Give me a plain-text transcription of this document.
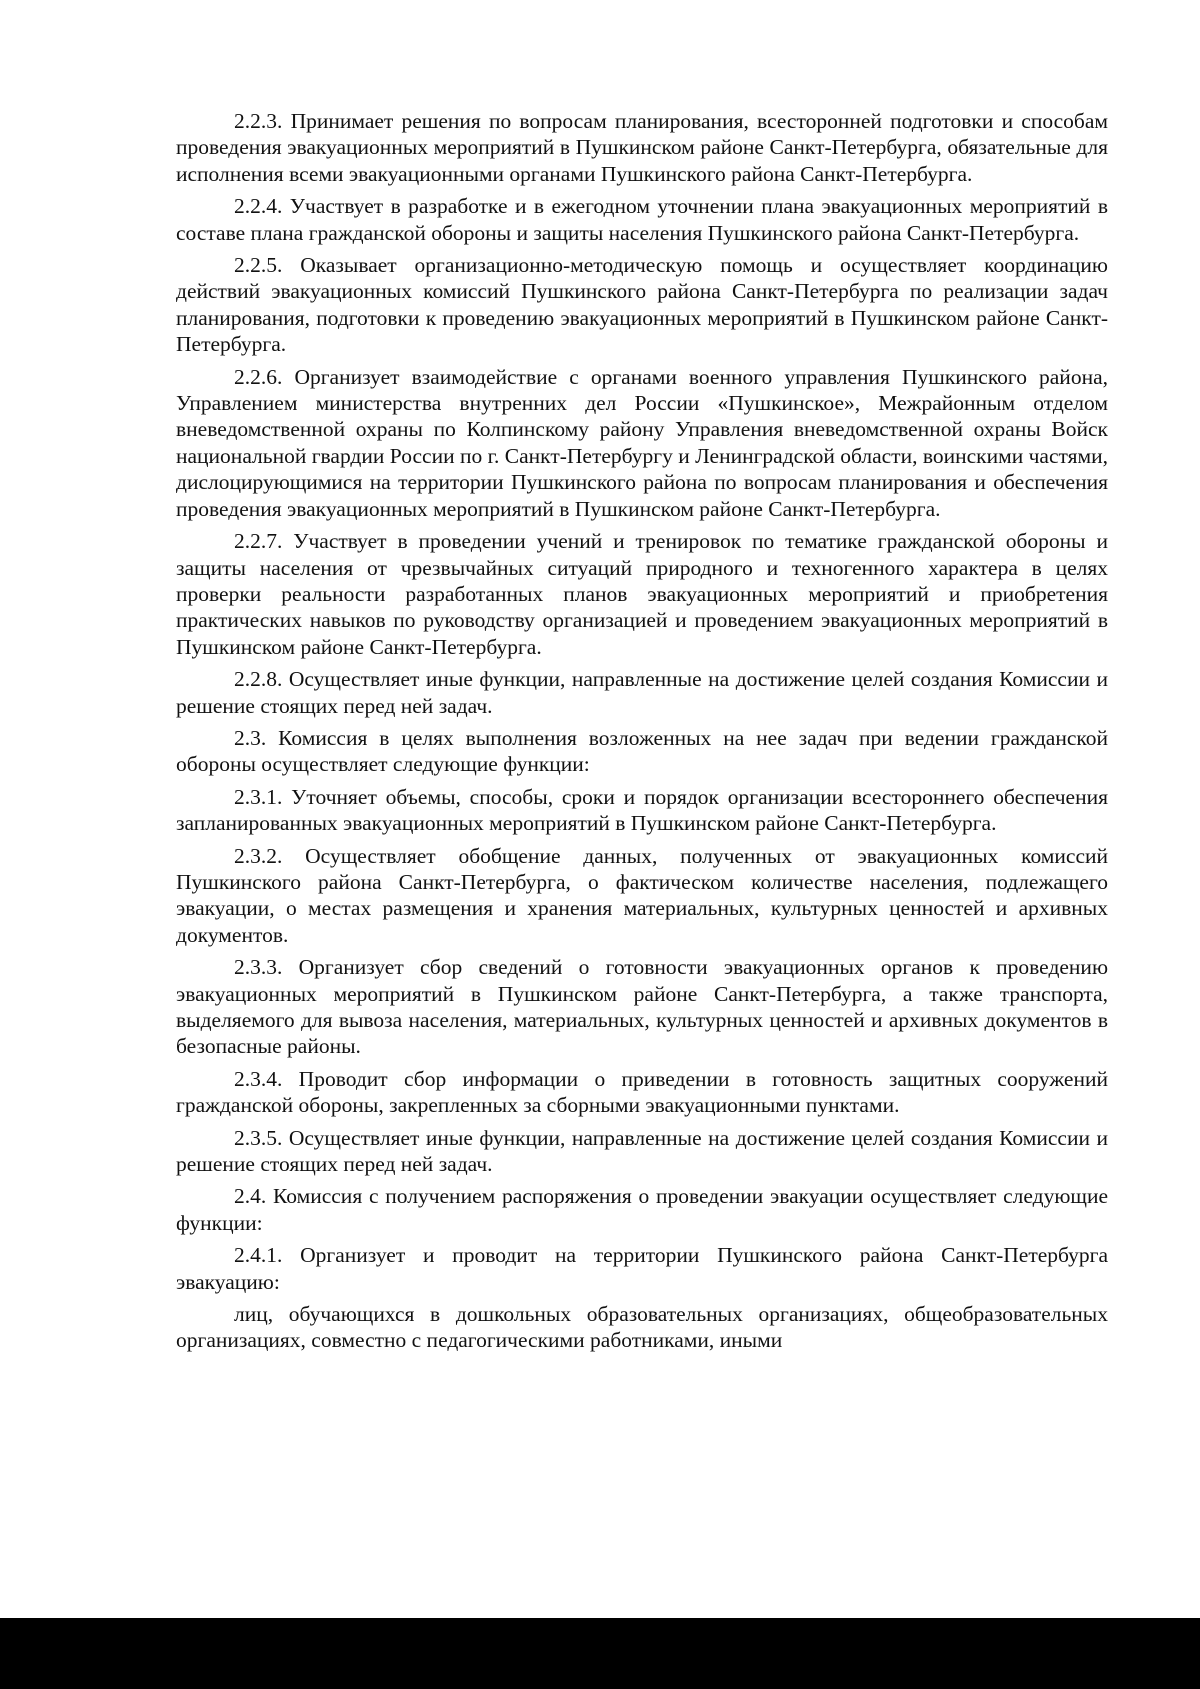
2.2.3. Принимает решения по вопросам планирования, всесторонней подготовки и способам проведения эвакуационных мероприятий в Пушкинском районе Санкт-Петербурга, обязательные для исполнения всеми эвакуационными органами Пушкинского района Санкт-Петербурга.

2.2.4. Участвует в разработке и в ежегодном уточнении плана эвакуационных мероприятий в составе плана гражданской обороны и защиты населения Пушкинского района Санкт-Петербурга.

2.2.5. Оказывает организационно-методическую помощь и осуществляет координацию действий эвакуационных комиссий Пушкинского района Санкт-Петербурга по реализации задач планирования, подготовки к проведению эвакуационных мероприятий в Пушкинском районе Санкт-Петербурга.

2.2.6. Организует взаимодействие с органами военного управления Пушкинского района, Управлением министерства внутренних дел России «Пушкинское», Межрайонным отделом вневедомственной охраны по Колпинскому району Управления вневедомственной охраны Войск национальной гвардии России по г. Санкт-Петербургу и Ленинградской области, воинскими частями, дислоцирующимися на территории Пушкинского района по вопросам планирования и обеспечения проведения эвакуационных мероприятий в Пушкинском районе Санкт-Петербурга.

2.2.7. Участвует в проведении учений и тренировок по тематике гражданской обороны и защиты населения от чрезвычайных ситуаций природного и техногенного характера в целях проверки реальности разработанных планов эвакуационных мероприятий и приобретения практических навыков по руководству организацией и проведением эвакуационных мероприятий в Пушкинском районе Санкт-Петербурга.

2.2.8. Осуществляет иные функции, направленные на достижение целей создания Комиссии и решение стоящих перед ней задач.

2.3. Комиссия в целях выполнения возложенных на нее задач при ведении гражданской обороны осуществляет следующие функции:

2.3.1. Уточняет объемы, способы, сроки и порядок организации всестороннего обеспечения запланированных эвакуационных мероприятий в Пушкинском районе Санкт-Петербурга.

2.3.2. Осуществляет обобщение данных, полученных от эвакуационных комиссий Пушкинского района Санкт-Петербурга, о фактическом количестве населения, подлежащего эвакуации, о местах размещения и хранения материальных, культурных ценностей и архивных документов.

2.3.3. Организует сбор сведений о готовности эвакуационных органов к проведению эвакуационных мероприятий в Пушкинском районе Санкт-Петербурга, а также транспорта, выделяемого для вывоза населения, материальных, культурных ценностей и архивных документов в безопасные районы.

2.3.4. Проводит сбор информации о приведении в готовность защитных сооружений гражданской обороны, закрепленных за сборными эвакуационными пунктами.

2.3.5. Осуществляет иные функции, направленные на достижение целей создания Комиссии и решение стоящих перед ней задач.

2.4. Комиссия с получением распоряжения о проведении эвакуации осуществляет следующие функции:

2.4.1. Организует и проводит на территории Пушкинского района Санкт-Петербурга эвакуацию:

лиц, обучающихся в дошкольных образовательных организациях, общеобразовательных организациях, совместно с педагогическими работниками, иными
